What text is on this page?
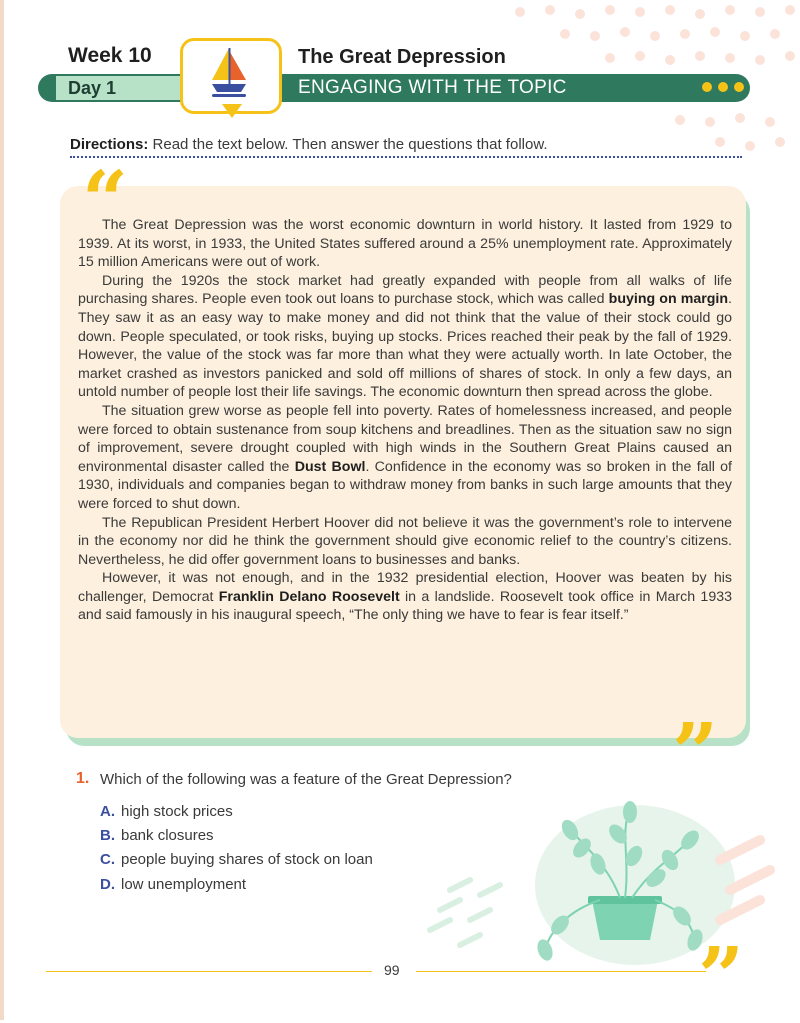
Week 10	The Great Depression
Day 1	ENGAGING WITH THE TOPIC
Directions: Read the text below. Then answer the questions that follow.
“

The Great Depression was the worst economic downturn in world history. It lasted from 1929 to 1939. At its worst, in 1933, the United States suffered around a 25% unemployment rate. Approximately 15 million Americans were out of work.

During the 1920s the stock market had greatly expanded with people from all walks of life purchasing shares. People even took out loans to purchase stock, which was called buying on margin. They saw it as an easy way to make money and did not think that the value of their stock could go down. People speculated, or took risks, buying up stocks. Prices reached their peak by the fall of 1929. However, the value of the stock was far more than what they were actually worth. In late October, the market crashed as investors panicked and sold off millions of shares of stock. In only a few days, an untold number of people lost their life savings. The economic downturn then spread across the globe.

The situation grew worse as people fell into poverty. Rates of homelessness increased, and people were forced to obtain sustenance from soup kitchens and breadlines. Then as the situation saw no sign of improvement, severe drought coupled with high winds in the Southern Great Plains caused an environmental disaster called the Dust Bowl. Confidence in the economy was so broken in the fall of 1930, individuals and companies began to withdraw money from banks in such large amounts that they were forced to shut down.

The Republican President Herbert Hoover did not believe it was the government’s role to intervene in the economy nor did he think the government should give economic relief to the country’s citizens. Nevertheless, he did offer government loans to businesses and banks.

However, it was not enough, and in the 1932 presidential election, Hoover was beaten by his challenger, Democrat Franklin Delano Roosevelt in a landslide. Roosevelt took office in March 1933 and said famously in his inaugural speech, “The only thing we have to fear is fear itself.”

”
1. Which of the following was a feature of the Great Depression?
A. high stock prices
B. bank closures
C. people buying shares of stock on loan
D. low unemployment
99	”
